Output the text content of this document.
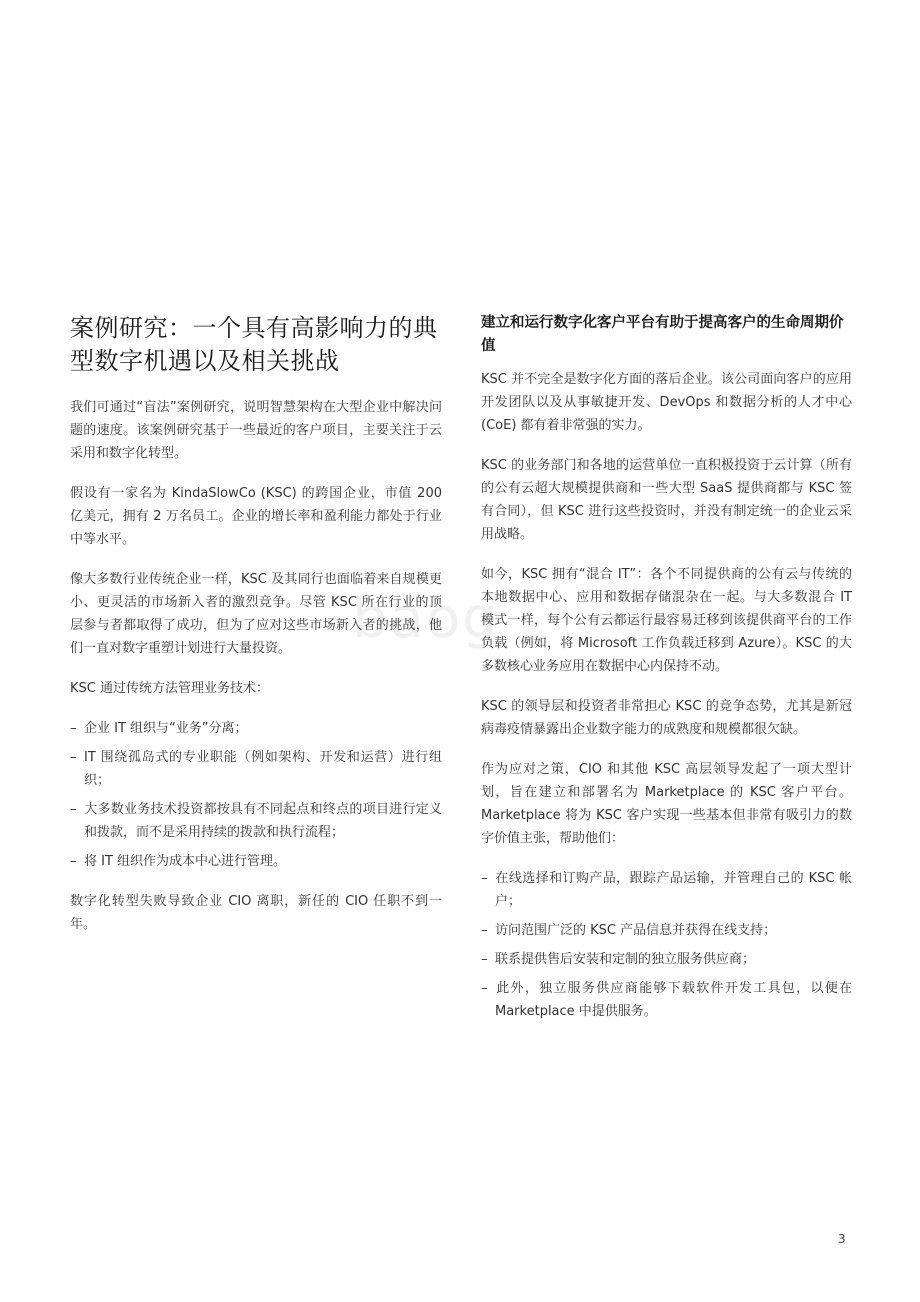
baog
案例研究：一个具有高影响力的典型数字机遇以及相关挑战

我们可通过“盲法”案例研究，说明智慧架构在大型企业中解决问题的速度。该案例研究基于一些最近的客户项目，主要关注于云采用和数字化转型。

假设有一家名为 KindaSlowCo (KSC) 的跨国企业，市值 200 亿美元，拥有 2 万名员工。企业的增长率和盈利能力都处于行业中等水平。

像大多数行业传统企业一样，KSC 及其同行也面临着来自规模更小、更灵活的市场新入者的激烈竞争。尽管 KSC 所在行业的顶层参与者都取得了成功，但为了应对这些市场新入者的挑战，他们一直对数字重塑计划进行大量投资。

KSC 通过传统方法管理业务技术：

– 企业 IT 组织与“业务”分离；
– IT 围绕孤岛式的专业职能（例如架构、开发和运营）进行组织；
– 大多数业务技术投资都按具有不同起点和终点的项目进行定义和拨款，而不是采用持续的拨款和执行流程；
– 将 IT 组织作为成本中心进行管理。

数字化转型失败导致企业 CIO 离职，新任的 CIO 任职不到一年。

建立和运行数字化客户平台有助于提高客户的生命周期价值

KSC 并不完全是数字化方面的落后企业。该公司面向客户的应用开发团队以及从事敏捷开发、DevOps 和数据分析的人才中心 (CoE) 都有着非常强的实力。

KSC 的业务部门和各地的运营单位一直积极投资于云计算（所有的公有云超大规模提供商和一些大型 SaaS 提供商都与 KSC 签有合同），但 KSC 进行这些投资时，并没有制定统一的企业云采用战略。

如今，KSC 拥有“混合 IT”：各个不同提供商的公有云与传统的本地数据中心、应用和数据存储混杂在一起。与大多数混合 IT 模式一样，每个公有云都运行最容易迁移到该提供商平台的工作负载（例如，将 Microsoft 工作负载迁移到 Azure）。KSC 的大多数核心业务应用在数据中心内保持不动。

KSC 的领导层和投资者非常担心 KSC 的竞争态势，尤其是新冠病毒疫情暴露出企业数字能力的成熟度和规模都很欠缺。

作为应对之策，CIO 和其他 KSC 高层领导发起了一项大型计划，旨在建立和部署名为 Marketplace 的 KSC 客户平台。Marketplace 将为 KSC 客户实现一些基本但非常有吸引力的数字价值主张，帮助他们：

– 在线选择和订购产品，跟踪产品运输，并管理自己的 KSC 帐户；
– 访问范围广泛的 KSC 产品信息并获得在线支持；
– 联系提供售后安装和定制的独立服务供应商；
– 此外，独立服务供应商能够下载软件开发工具包，以便在 Marketplace 中提供服务。
3
